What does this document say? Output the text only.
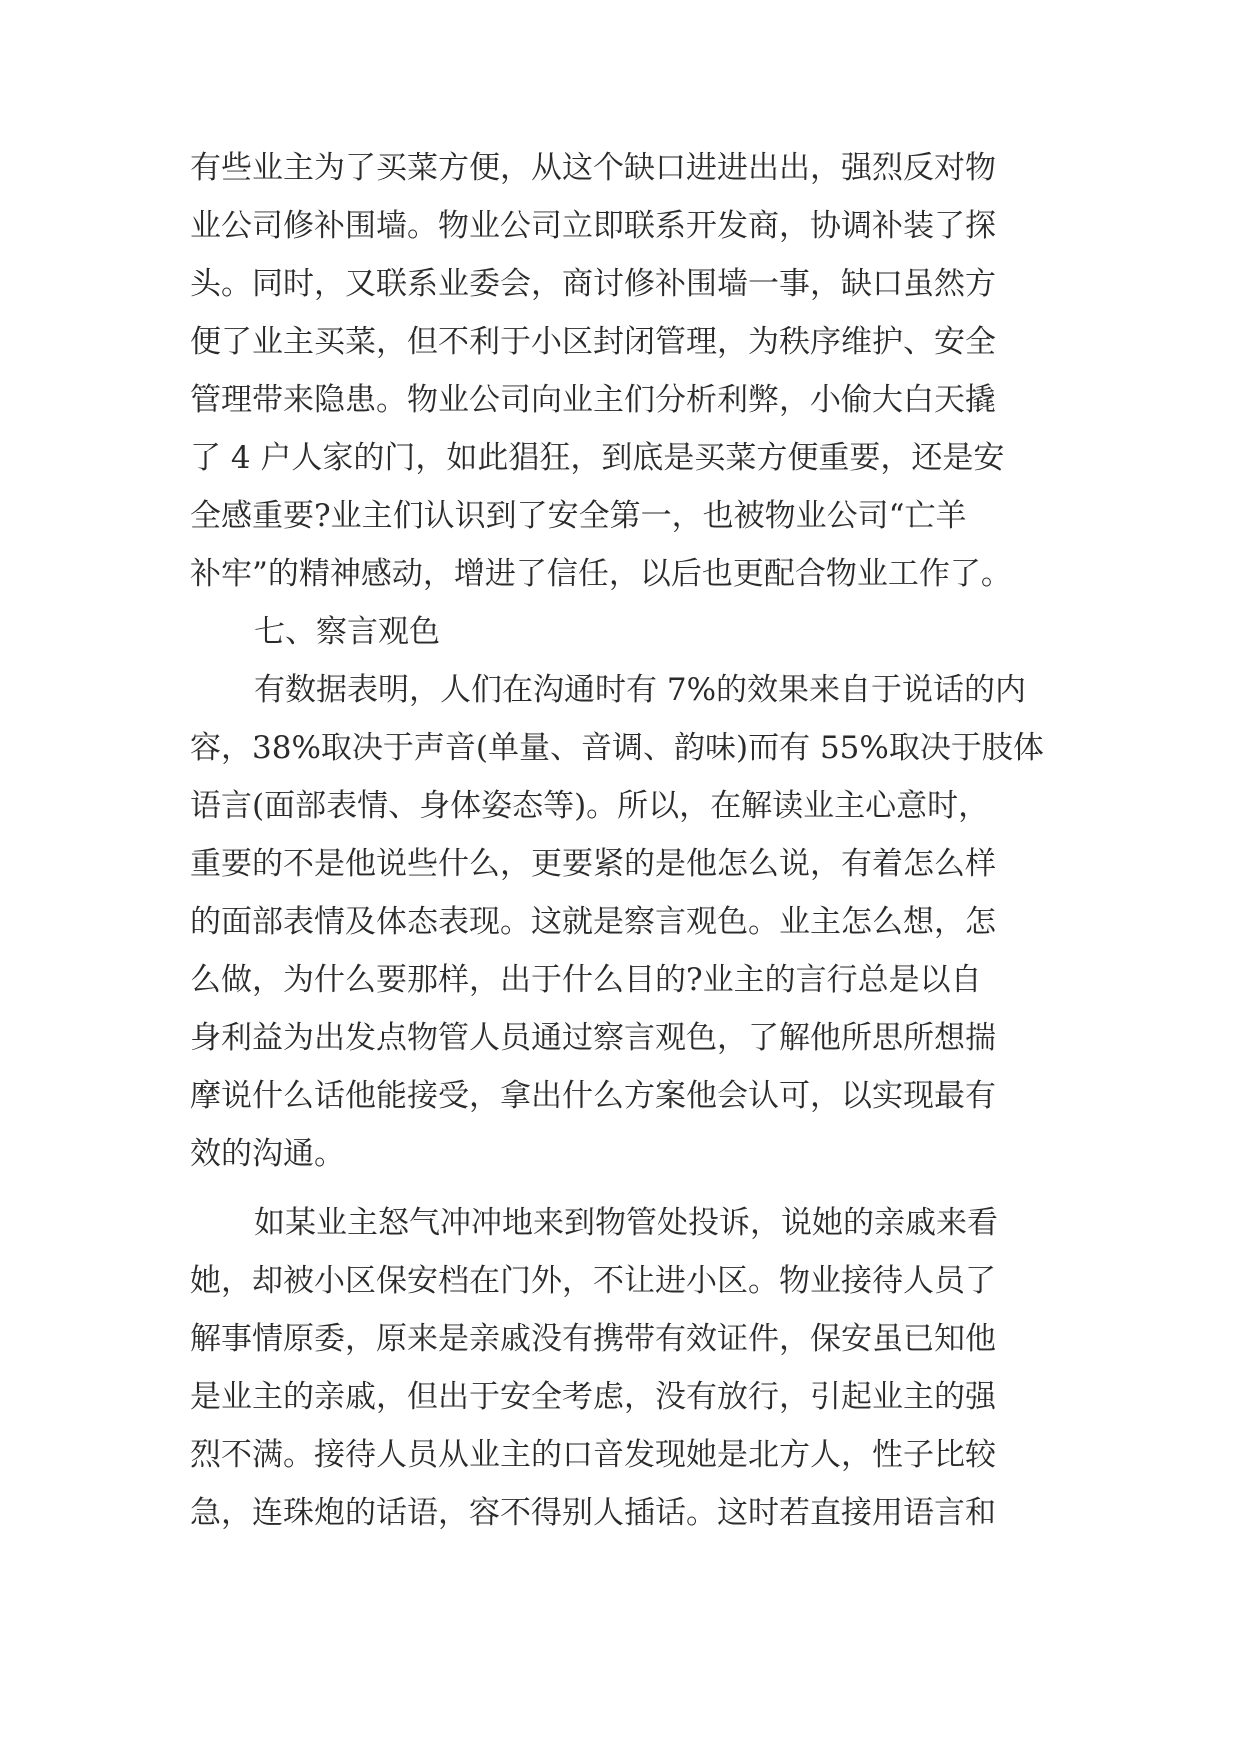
有些业主为了买菜方便，从这个缺口进进出出，强烈反对物
业公司修补围墙。物业公司立即联系开发商，协调补装了探
头。同时，又联系业委会，商讨修补围墙一事，缺口虽然方
便了业主买菜，但不利于小区封闭管理，为秩序维护、安全
管理带来隐患。物业公司向业主们分析利弊，小偷大白天撬
了 4 户人家的门，如此猖狂，到底是买菜方便重要，还是安
全感重要?业主们认识到了安全第一，也被物业公司“亡羊
补牢”的精神感动，增进了信任，以后也更配合物业工作了。
七、察言观色
有数据表明，人们在沟通时有 7%的效果来自于说话的内
容，38%取决于声音(单量、音调、韵味)而有 55%取决于肢体
语言(面部表情、身体姿态等)。所以，在解读业主心意时，
重要的不是他说些什么，更要紧的是他怎么说，有着怎么样
的面部表情及体态表现。这就是察言观色。业主怎么想，怎
么做，为什么要那样，出于什么目的?业主的言行总是以自
身利益为出发点物管人员通过察言观色，了解他所思所想揣
摩说什么话他能接受，拿出什么方案他会认可，以实现最有
效的沟通。
如某业主怒气冲冲地来到物管处投诉，说她的亲戚来看
她，却被小区保安档在门外，不让进小区。物业接待人员了
解事情原委，原来是亲戚没有携带有效证件，保安虽已知他
是业主的亲戚，但出于安全考虑，没有放行，引起业主的强
烈不满。接待人员从业主的口音发现她是北方人，性子比较
急，连珠炮的话语，容不得别人插话。这时若直接用语言和
